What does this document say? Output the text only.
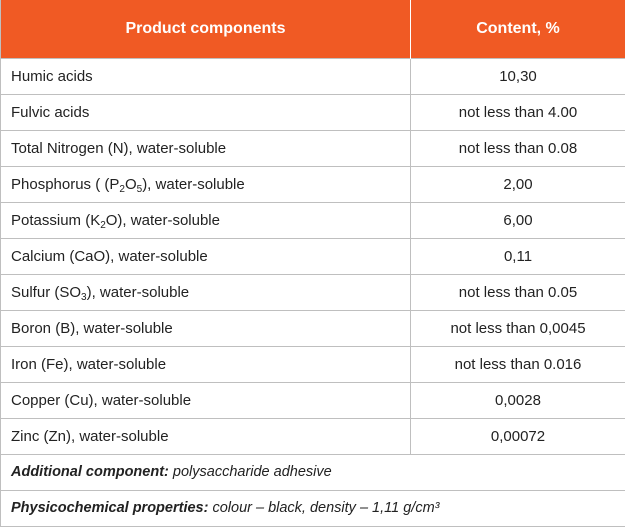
Product components	Content, %
Humic acids	10,30
Fulvic acids	not less than 4.00
Total Nitrogen (N), water-soluble	not less than 0.08
Phosphorus ( $(P_2O_5)$, water-soluble	2,00
Potassium $(K_2O)$, water-soluble	6,00
Calcium (CaO), water-soluble	0,11
Sulfur $(SO_3)$, water-soluble	not less than 0.05
Boron (B), water-soluble	not less than 0,0045
Iron (Fe), water-soluble	not less than 0.016
Copper (Cu), water-soluble	0,0028
Zinc (Zn), water-soluble	0,00072
Additional component: polysaccharide adhesive	
Physicochemical properties: colour – black, density – 1,11 g/cm³	
